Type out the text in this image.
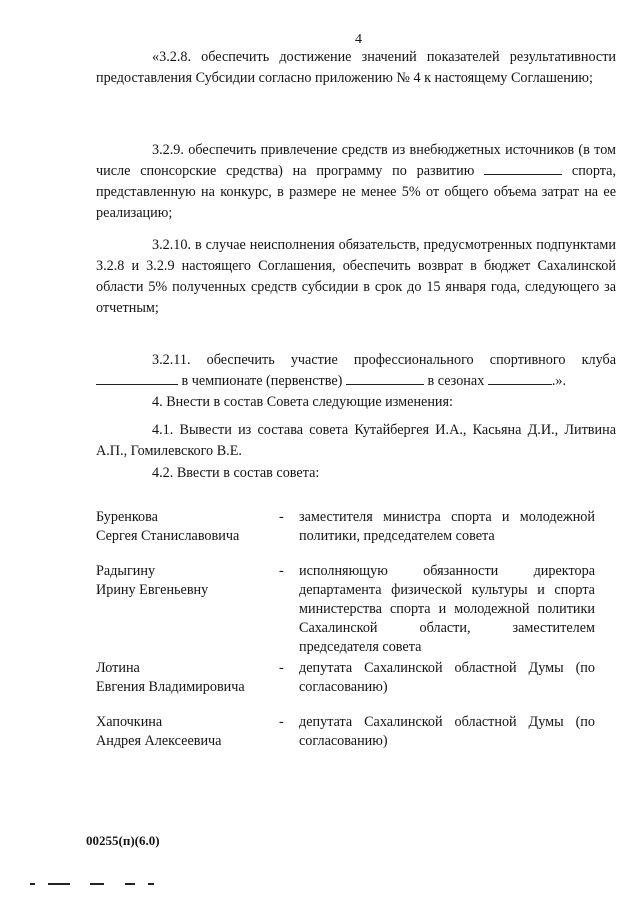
4
«3.2.8. обеспечить достижение значений показателей результативности предоставления Субсидии согласно приложению № 4 к настоящему Соглашению;
3.2.9. обеспечить привлечение средств из внебюджетных источников (в том числе спонсорские средства) на программу по развитию	спорта, представленную на конкурс, в размере не менее 5% от общего объема затрат на ее реализацию;
3.2.10. в случае неисполнения обязательств, предусмотренных подпунктами 3.2.8 и 3.2.9 настоящего Соглашения, обеспечить возврат в бюджет Сахалинской области 5% полученных средств субсидии в срок до 15 января года, следующего за отчетным;
3.2.11. обеспечить участие профессионального спортивного клуба  в чемпионате (первенстве)	в сезонах	.».
4. Внести в состав Совета следующие изменения:
4.1. Вывести из состава совета Кутайбергея И.А., Касьяна Д.И., Литвина А.П., Гомилевского В.Е.
4.2. Ввести в состав совета:
Буренкова
Сергея Станиславовича
-	заместителя министра спорта и молодежной политики, председателем совета
Радыгину
Ирину Евгеньевну
-	исполняющую обязанности директора департамента физической культуры и спорта министерства спорта и молодежной политики Сахалинской области, заместителем председателя совета
Лотина
Евгения Владимировича
-	депутата Сахалинской областной Думы (по согласованию)
Хапочкина
Андрея Алексеевича
-	депутата Сахалинской областной Думы (по согласованию)
00255(п)(6.0)
